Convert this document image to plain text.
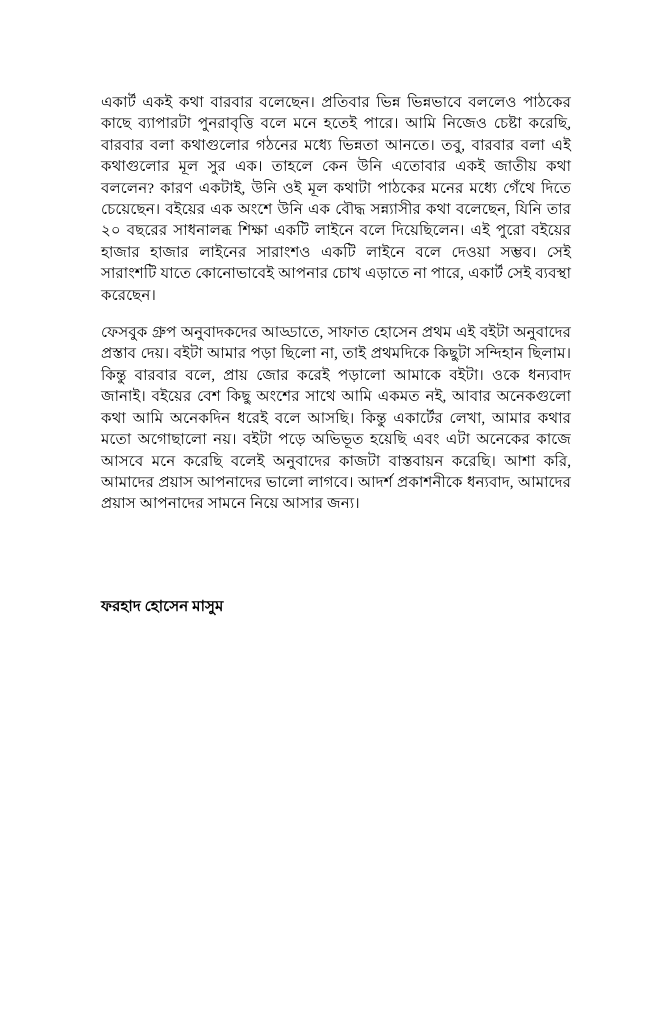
একার্ট একই কথা বারবার বলেছেন। প্রতিবার ভিন্ন ভিন্নভাবে বললেও পাঠকের কাছে ব্যাপারটা পুনরাবৃত্তি বলে মনে হতেই পারে। আমি নিজেও চেষ্টা করেছি, বারবার বলা কথাগুলোর গঠনের মধ্যে ভিন্নতা আনতে। তবু, বারবার বলা এই কথাগুলোর মূল সুর এক। তাহলে কেন উনি এতোবার একই জাতীয় কথা বললেন? কারণ একটাই, উনি ওই মূল কথাটা পাঠকের মনের মধ্যে গেঁথে দিতে চেয়েছেন। বইয়ের এক অংশে উনি এক বৌদ্ধ সন্ন্যাসীর কথা বলেছেন, যিনি তার ২০ বছরের সাধনালব্ধ শিক্ষা একটি লাইনে বলে দিয়েছিলেন। এই পুরো বইয়ের হাজার হাজার লাইনের সারাংশও একটি লাইনে বলে দেওয়া সম্ভব। সেই সারাংশটি যাতে কোনোভাবেই আপনার চোখ এড়াতে না পারে, একার্ট সেই ব্যবস্থা করেছেন।

ফেসবুক গ্রুপ অনুবাদকদের আড্ডাতে, সাফাত হোসেন প্রথম এই বইটা অনুবাদের প্রস্তাব দেয়। বইটা আমার পড়া ছিলো না, তাই প্রথমদিকে কিছুটা সন্দিহান ছিলাম। কিন্তু বারবার বলে, প্রায় জোর করেই পড়ালো আমাকে বইটা। ওকে ধন্যবাদ জানাই। বইয়ের বেশ কিছু অংশের সাথে আমি একমত নই, আবার অনেকগুলো কথা আমি অনেকদিন ধরেই বলে আসছি। কিন্তু একার্টের লেখা, আমার কথার মতো অগোছালো নয়। বইটা পড়ে অভিভূত হয়েছি এবং এটা অনেকের কাজে আসবে মনে করেছি বলেই অনুবাদের কাজটা বাস্তবায়ন করেছি। আশা করি, আমাদের প্রয়াস আপনাদের ভালো লাগবে। আদর্শ প্রকাশনীকে ধন্যবাদ, আমাদের প্রয়াস আপনাদের সামনে নিয়ে আসার জন্য।

ফরহাদ হোসেন মাসুম
